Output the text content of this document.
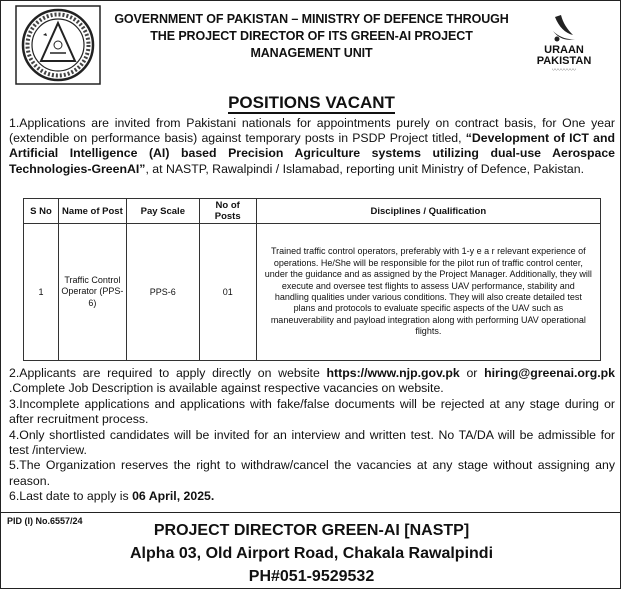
GOVERNMENT OF PAKISTAN – MINISTRY OF DEFENCE THROUGH
THE PROJECT DIRECTOR OF ITS GREEN-AI PROJECT
MANAGEMENT UNIT	URAAN
PAKISTAN
〰〰〰〰
POSITIONS VACANT
1.Applications are invited from Pakistani nationals for appointments purely on contract basis, for One year (extendible on performance basis) against temporary posts in PSDP Project titled, “Development of ICT and Artificial Intelligence (AI) based Precision Agriculture systems utilizing dual-use Aerospace Technologies-GreenAI”, at NASTP, Rawalpindi / Islamabad, reporting unit Ministry of Defence, Pakistan.
S No	Name of Post	Pay Scale	No of Posts	Disciplines / Qualification
1	Traffic Control Operator (PPS-6)	PPS-6	01	Trained traffic control operators, preferably with 1-y e a r relevant experience of operations. He/She will be responsible for the pilot run of traffic control center, under the guidance and as assigned by the Project Manager. Additionally, they will execute and oversee test flights to assess UAV performance, stability and handling qualities under various conditions. They will also create detailed test plans and protocols to evaluate specific aspects of the UAV such as maneuverability and payload integration along with performing UAV operational flights.

2.Applicants are required to apply directly on website https://www.njp.gov.pk or hiring@greenai.org.pk .Complete Job Description is available against respective vacancies on website.

3.Incomplete applications and applications with fake/false documents will be rejected at any stage during or after recruitment process.

4.Only shortlisted candidates will be invited for an interview and written test. No TA/DA will be admissible for test /interview.

5.The Organization reserves the right to withdraw/cancel the vacancies at any stage without assigning any reason.

6.Last date to apply is 06 April, 2025.

PID (I) No.6557/24
PROJECT DIRECTOR GREEN-AI [NASTP]
Alpha 03, Old Airport Road, Chakala Rawalpindi
PH#051-9529532
